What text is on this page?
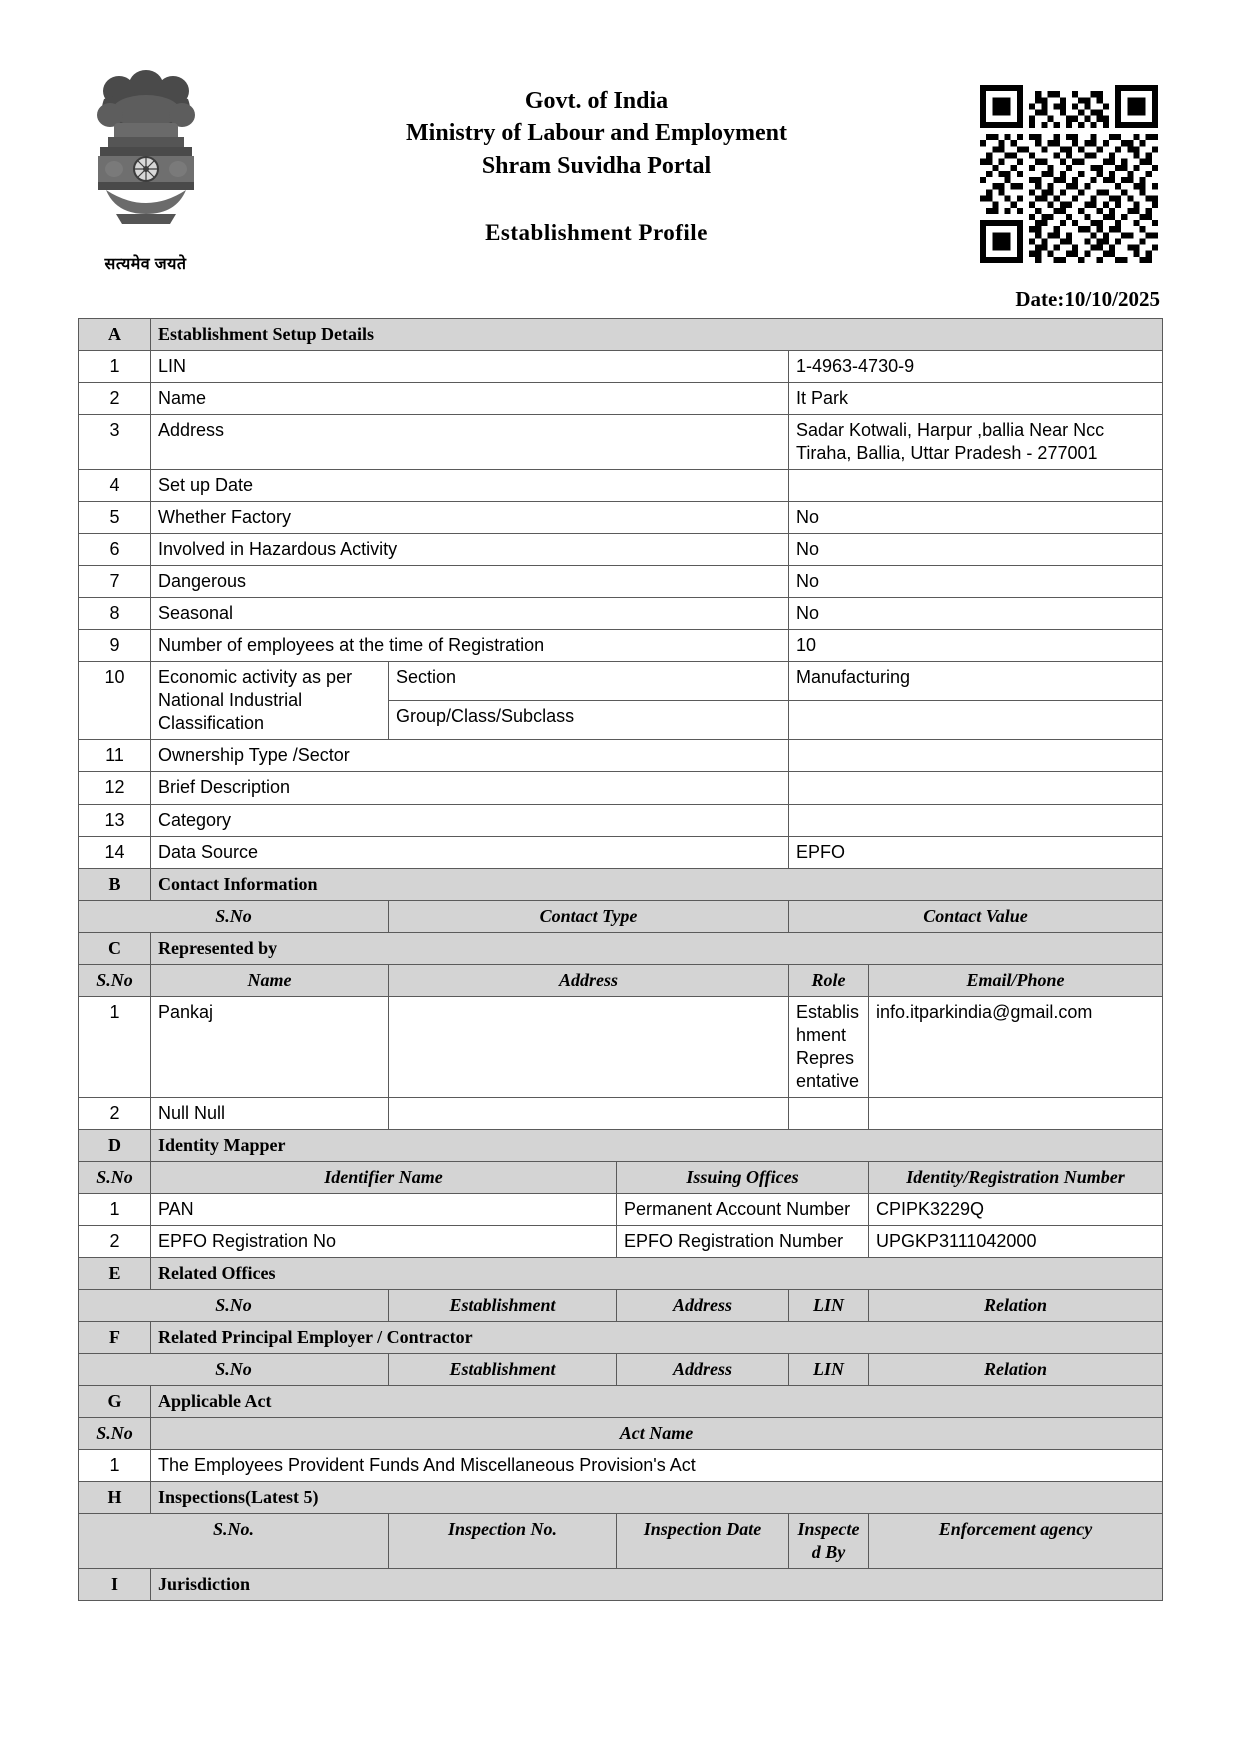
सत्यमेव जयते
Govt. of India
Ministry of Labour and Employment
Shram Suvidha Portal
Establishment Profile
Date:10/10/2025
A	Establishment Setup Details				
1	LIN			1-4963-4730-9	
2	Name			It Park	
3	Address			Sadar Kotwali, Harpur ,ballia Near Ncc Tiraha, Ballia, Uttar Pradesh - 277001	
4	Set up Date				
5	Whether Factory			No	
6	Involved in Hazardous Activity			No	
7	Dangerous			No	
8	Seasonal			No	
9	Number of employees at the time of Registration			10	
10	Economic activity as per National Industrial Classification	Section		Manufacturing	
		Group/Class/Subclass			
11	Ownership Type /Sector				
12	Brief Description				
13	Category				
14	Data Source			EPFO	
B	Contact Information				
S.No		Contact Type		Contact Value	
C	Represented by				
S.No	Name	Address		Role	Email/Phone
1	Pankaj			Establishment Representative	info.itparkindia@gmail.com
2	Null Null				
D	Identity Mapper				
S.No	Identifier Name		Issuing Offices		Identity/Registration Number
1	PAN		Permanent Account Number		CPIPK3229Q
2	EPFO Registration No		EPFO Registration Number		UPGKP3111042000
E	Related Offices				
S.No		Establishment	Address	LIN	Relation
F	Related Principal Employer / Contractor				
S.No		Establishment	Address	LIN	Relation
G	Applicable Act				
S.No	Act Name				
1	The Employees Provident Funds And Miscellaneous Provision's Act				
H	Inspections(Latest 5)				
S.No.		Inspection No.	Inspection Date	Inspected By	Enforcement agency
I	Jurisdiction				
